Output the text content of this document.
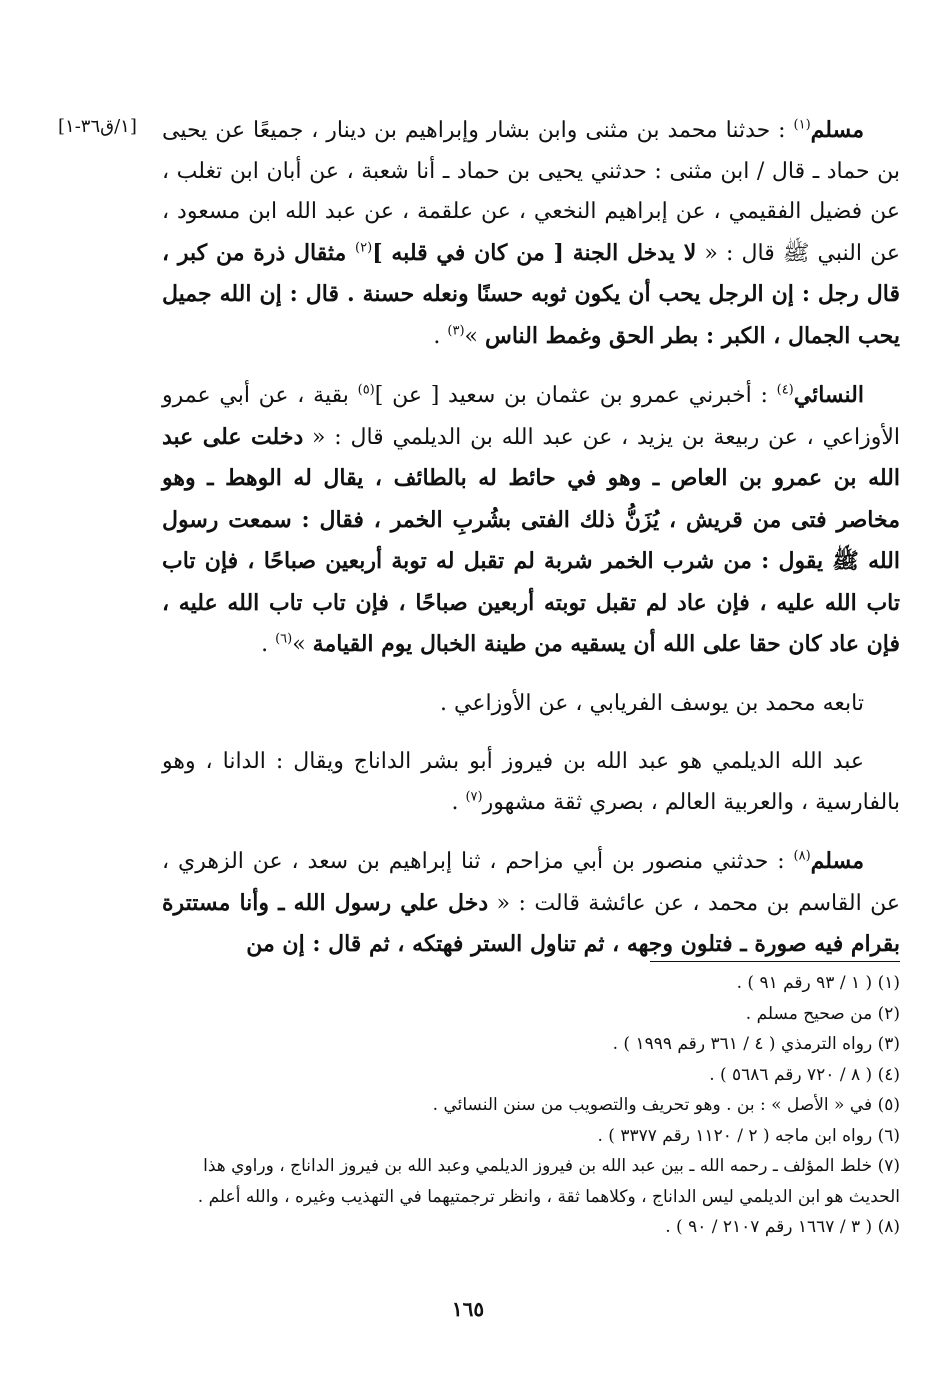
[١/ق٣٦-١]	مسلم$^{(١)}$ : حدثنا محمد بن مثنى وابن بشار وإبراهيم بن دينار ، جميعًا عن يحيى بن حماد ـ قال / ابن مثنى : حدثني يحيى بن حماد ـ أنا شعبة ، عن أبان ابن تغلب ، عن فضيل الفقيمي ، عن إبراهيم النخعي ، عن علقمة ، عن عبد الله ابن مسعود ، عن النبي ﷺ قال : « لا يدخل الجنة [ من كان في قلبه ]$^{(٢)}$ مثقال ذرة من كبر ، قال رجل : إن الرجل يحب أن يكون ثوبه حسنًا ونعله حسنة . قال : إن الله جميل يحب الجمال ، الكبر : بطر الحق وغمط الناس »$^{(٣)}$ .

النسائي$^{(٤)}$ : أخبرني عمرو بن عثمان بن سعيد [ عن ]$^{(٥)}$ بقية ، عن أبي عمرو الأوزاعي ، عن ربيعة بن يزيد ، عن عبد الله بن الديلمي قال : « دخلت على عبد الله بن عمرو بن العاص ـ وهو في حائط له بالطائف ، يقال له الوهط ـ وهو مخاصر فتى من قريش ، يُزَنُّ ذلك الفتى بشُربِ الخمر ، فقال : سمعت رسول الله ﷺ يقول : من شرب الخمر شربة لم تقبل له توبة أربعين صباحًا ، فإن تاب تاب الله عليه ، فإن عاد لم تقبل توبته أربعين صباحًا ، فإن تاب تاب الله عليه ، فإن عاد كان حقا على الله أن يسقيه من طينة الخبال يوم القيامة »$^{(٦)}$ .

تابعه محمد بن يوسف الفريابي ، عن الأوزاعي .

عبد الله الديلمي هو عبد الله بن فيروز أبو بشر الداناج ويقال : الدانا ، وهو بالفارسية ، والعربية العالم ، بصري ثقة مشهور$^{(٧)}$ .

مسلم$^{(٨)}$ : حدثني منصور بن أبي مزاحم ، ثنا إبراهيم بن سعد ، عن الزهري ، عن القاسم بن محمد ، عن عائشة قالت : « دخل علي رسول الله ـ وأنا مستترة بقرام فيه صورة ـ فتلون وجهه ، ثم تناول الستر فهتكه ، ثم قال : إن من

(١) ( ١ / ٩٣ رقم ٩١ ) .

(٢) من صحيح مسلم .

(٣) رواه الترمذي ( ٤ / ٣٦١ رقم ١٩٩٩ ) .

(٤) ( ٨ / ٧٢٠ رقم ٥٦٨٦ ) .

(٥) في « الأصل » : بن . وهو تحريف والتصويب من سنن النسائي .

(٦) رواه ابن ماجه ( ٢ / ١١٢٠ رقم ٣٣٧٧ ) .

(٧) خلط المؤلف ـ رحمه الله ـ بين عبد الله بن فيروز الديلمي وعبد الله بن فيروز الداناج ، وراوي هذا الحديث هو ابن الديلمي ليس الداناج ، وكلاهما ثقة ، وانظر ترجمتيهما في التهذيب وغيره ، والله أعلم .

(٨) ( ٣ / ١٦٦٧ رقم ٢١٠٧ / ٩٠ ) .

١٦٥
